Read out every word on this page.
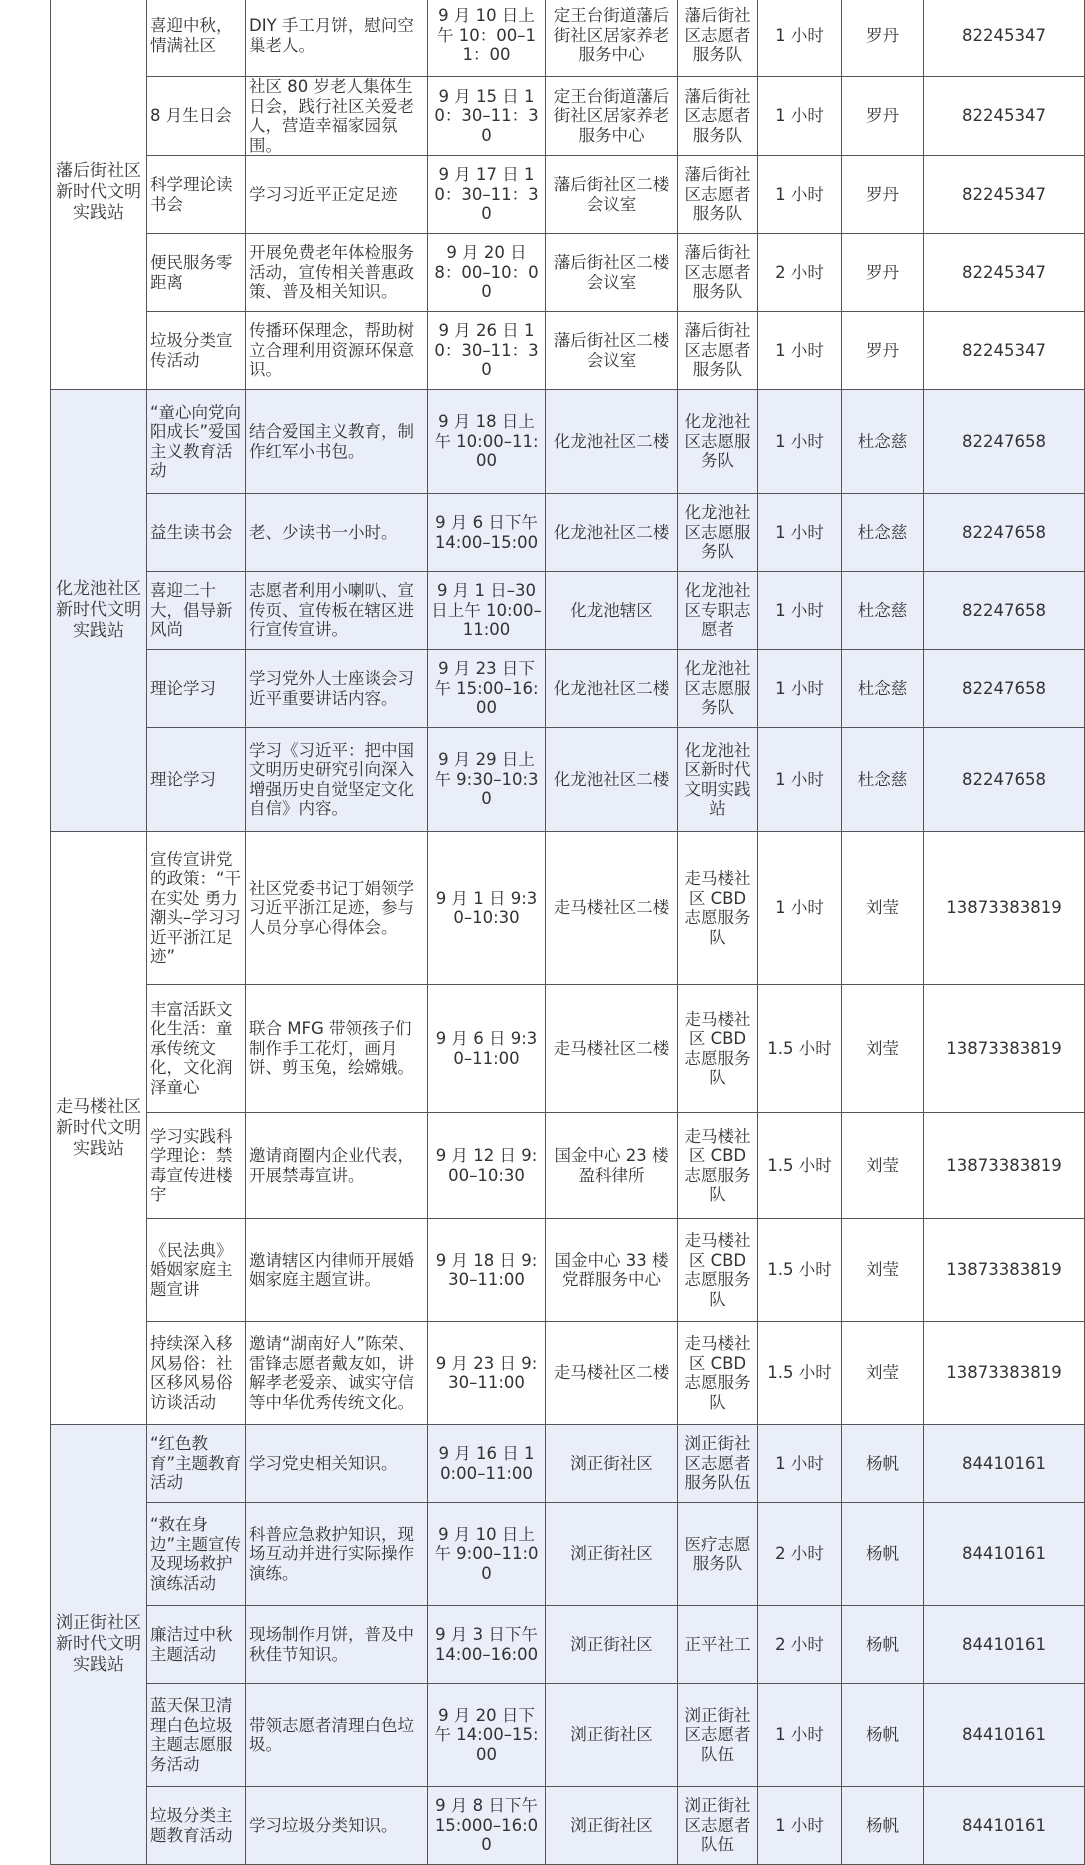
藩后街社区新时代文明实践站	喜迎中秋，情满社区	DIY 手工月饼，慰问空巢老人。	9 月 10 日上午 10：00–11：00	定王台街道藩后街社区居家养老服务中心	藩后街社区志愿者服务队	1 小时	罗丹	82245347
	8 月生日会	社区 80 岁老人集体生日会，践行社区关爱老人，营造幸福家园氛围。	9 月 15 日 10：30–11：30	定王台街道藩后街社区居家养老服务中心	藩后街社区志愿者服务队	1 小时	罗丹	82245347
	科学理论读书会	学习习近平正定足迹	9 月 17 日 10：30–11：30	藩后街社区二楼会议室	藩后街社区志愿者服务队	1 小时	罗丹	82245347
	便民服务零距离	开展免费老年体检服务活动，宣传相关普惠政策、普及相关知识。	9 月 20 日 8：00–10：00	藩后街社区二楼会议室	藩后街社区志愿者服务队	2 小时	罗丹	82245347
	垃圾分类宣传活动	传播环保理念，帮助树立合理利用资源环保意识。	9 月 26 日 10：30–11：30	藩后街社区二楼会议室	藩后街社区志愿者服务队	1 小时	罗丹	82245347
化龙池社区新时代文明实践站	“童心向党向阳成长”爱国主义教育活动	结合爱国主义教育，制作红军小书包。	9 月 18 日上午 10:00–11:00	化龙池社区二楼	化龙池社区志愿服务队	1 小时	杜念慈	82247658
	益生读书会	老、少读书一小时。	9 月 6 日下午 14:00–15:00	化龙池社区二楼	化龙池社区志愿服务队	1 小时	杜念慈	82247658
	喜迎二十大，倡导新风尚	志愿者利用小喇叭、宣传页、宣传板在辖区进行宣传宣讲。	9 月 1 日–30 日上午 10:00–11:00	化龙池辖区	化龙池社区专职志愿者	1 小时	杜念慈	82247658
	理论学习	学习党外人士座谈会习近平重要讲话内容。	9 月 23 日下午 15:00–16:00	化龙池社区二楼	化龙池社区志愿服务队	1 小时	杜念慈	82247658
	理论学习	学习《习近平：把中国文明历史研究引向深入增强历史自觉坚定文化自信》内容。	9 月 29 日上午 9:30–10:30	化龙池社区二楼	化龙池社区新时代文明实践站	1 小时	杜念慈	82247658
走马楼社区新时代文明实践站	宣传宣讲党的政策：“干在实处 勇力潮头–学习习近平浙江足迹”	社区党委书记丁娟领学习近平浙江足迹，参与人员分享心得体会。	9 月 1 日 9:30–10:30	走马楼社区二楼	走马楼社区 CBD 志愿服务队	1 小时	刘莹	13873383819
	丰富活跃文化生活：童承传统文化，文化润泽童心	联合 MFG 带领孩子们制作手工花灯，画月饼、剪玉兔，绘嫦娥。	9 月 6 日 9:30–11:00	走马楼社区二楼	走马楼社区 CBD 志愿服务队	1.5 小时	刘莹	13873383819
	学习实践科学理论：禁毒宣传进楼宇	邀请商圈内企业代表，开展禁毒宣讲。	9 月 12 日 9:00–10:30	国金中心 23 楼盈科律所	走马楼社区 CBD 志愿服务队	1.5 小时	刘莹	13873383819
	《民法典》婚姻家庭主题宣讲	邀请辖区内律师开展婚姻家庭主题宣讲。	9 月 18 日 9:30–11:00	国金中心 33 楼党群服务中心	走马楼社区 CBD 志愿服务队	1.5 小时	刘莹	13873383819
	持续深入移风易俗：社区移风易俗访谈活动	邀请“湖南好人”陈荣、雷锋志愿者戴友如，讲解孝老爱亲、诚实守信等中华优秀传统文化。	9 月 23 日 9:30–11:00	走马楼社区二楼	走马楼社区 CBD 志愿服务队	1.5 小时	刘莹	13873383819
浏正街社区新时代文明实践站	“红色教育”主题教育活动	学习党史相关知识。	9 月 16 日 10:00–11:00	浏正街社区	浏正街社区志愿者服务队伍	1 小时	杨帆	84410161
	“救在身边”主题宣传及现场救护演练活动	科普应急救护知识，现场互动并进行实际操作演练。	9 月 10 日上午 9:00–11:00	浏正街社区	医疗志愿服务队	2 小时	杨帆	84410161
	廉洁过中秋主题活动	现场制作月饼，普及中秋佳节知识。	9 月 3 日下午 14:00–16:00	浏正街社区	正平社工	2 小时	杨帆	84410161
	蓝天保卫清理白色垃圾主题志愿服务活动	带领志愿者清理白色垃圾。	9 月 20 日下午 14:00–15:00	浏正街社区	浏正街社区志愿者队伍	1 小时	杨帆	84410161
	垃圾分类主题教育活动	学习垃圾分类知识。	9 月 8 日下午 15:000–16:00	浏正街社区	浏正街社区志愿者队伍	1 小时	杨帆	84410161
